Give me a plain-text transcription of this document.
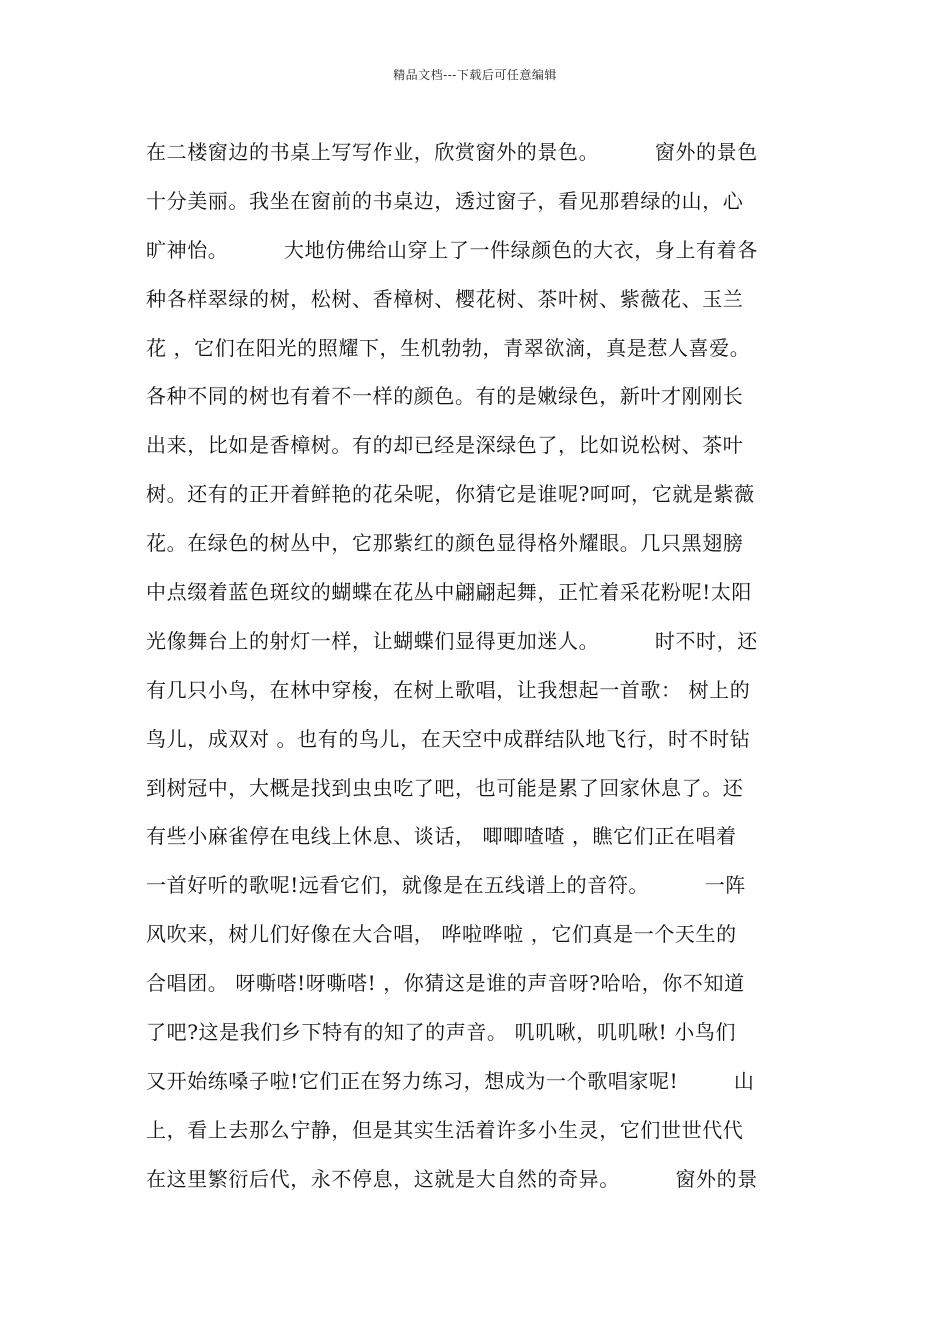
精品文档---下载后可任意编辑
在二楼窗边的书桌上写写作业，欣赏窗外的景色。        窗外的景色
十分美丽。我坐在窗前的书桌边，透过窗子，看见那碧绿的山，心
旷神怡。        大地仿佛给山穿上了一件绿颜色的大衣，身上有着各
种各样翠绿的树，松树、香樟树、樱花树、茶叶树、紫薇花、玉兰
花 ，它们在阳光的照耀下，生机勃勃，青翠欲滴，真是惹人喜爱。
各种不同的树也有着不一样的颜色。有的是嫩绿色，新叶才刚刚长
出来，比如是香樟树。有的却已经是深绿色了，比如说松树、茶叶
树。还有的正开着鲜艳的花朵呢，你猜它是谁呢?呵呵，它就是紫薇
花。在绿色的树丛中，它那紫红的颜色显得格外耀眼。几只黑翅膀
中点缀着蓝色斑纹的蝴蝶在花丛中翩翩起舞，正忙着采花粉呢!太阳
光像舞台上的射灯一样，让蝴蝶们显得更加迷人。        时不时，还
有几只小鸟，在林中穿梭，在树上歌唱，让我想起一首歌： 树上的
鸟儿，成双对 。也有的鸟儿，在天空中成群结队地飞行，时不时钻
到树冠中，大概是找到虫虫吃了吧，也可能是累了回家休息了。还
有些小麻雀停在电线上休息、谈话， 唧唧喳喳 ，瞧它们正在唱着
一首好听的歌呢!远看它们，就像是在五线谱上的音符。        一阵
风吹来，树儿们好像在大合唱， 哗啦哗啦 ，它们真是一个天生的
合唱团。 呀嘶嗒!呀嘶嗒! ，你猜这是谁的声音呀?哈哈，你不知道
了吧?这是我们乡下特有的知了的声音。 叽叽啾，叽叽啾! 小鸟们
又开始练嗓子啦!它们正在努力练习，想成为一个歌唱家呢!        山
上，看上去那么宁静，但是其实生活着许多小生灵，它们世世代代
在这里繁衍后代，永不停息，这就是大自然的奇异。        窗外的景
